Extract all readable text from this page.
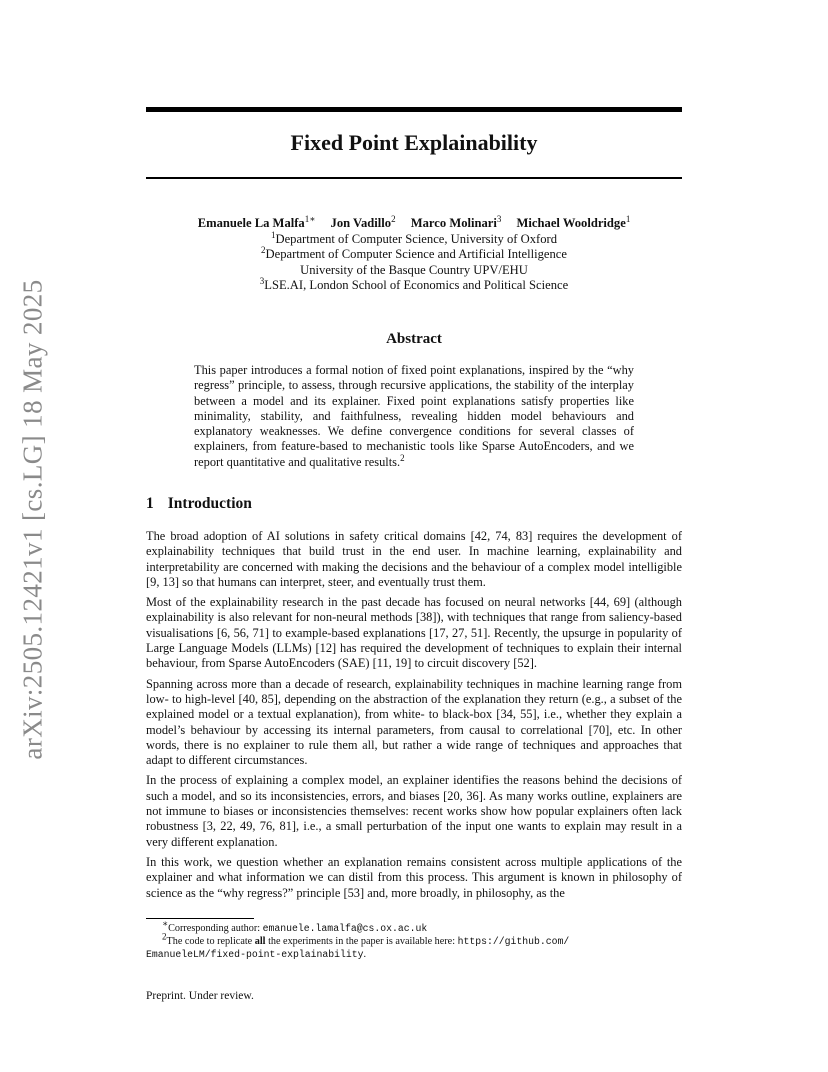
arXiv:2505.12421v1 [cs.LG] 18 May 2025
Fixed Point Explainability
Emanuele La Malfa$^{1∗}$ Jon Vadillo$^2$ Marco Molinari$^3$ Michael Wooldridge$^1$
$^1$Department of Computer Science, University of Oxford
$^2$Department of Computer Science and Artificial Intelligence
University of the Basque Country UPV/EHU
$^3$LSE.AI, London School of Economics and Political Science
Abstract

This paper introduces a formal notion of fixed point explanations, inspired by the “why regress” principle, to assess, through recursive applications, the stability of the interplay between a model and its explainer. Fixed point explanations satisfy properties like minimality, stability, and faithfulness, revealing hidden model behaviours and explanatory weaknesses. We define convergence conditions for several classes of explainers, from feature-based to mechanistic tools like Sparse AutoEncoders, and we report quantitative and qualitative results.$^2$

1 Introduction

The broad adoption of AI solutions in safety critical domains [42, 74, 83] requires the development of explainability techniques that build trust in the end user. In machine learning, explainability and interpretability are concerned with making the decisions and the behaviour of a complex model intelligible [9, 13] so that humans can interpret, steer, and eventually trust them.

Most of the explainability research in the past decade has focused on neural networks [44, 69] (although explainability is also relevant for non-neural methods [38]), with techniques that range from saliency-based visualisations [6, 56, 71] to example-based explanations [17, 27, 51]. Recently, the upsurge in popularity of Large Language Models (LLMs) [12] has required the development of techniques to explain their internal behaviour, from Sparse AutoEncoders (SAE) [11, 19] to circuit discovery [52].

Spanning across more than a decade of research, explainability techniques in machine learning range from low- to high-level [40, 85], depending on the abstraction of the explanation they return (e.g., a subset of the explained model or a textual explanation), from white- to black-box [34, 55], i.e., whether they explain a model’s behaviour by accessing its internal parameters, from causal to correlational [70], etc. In other words, there is no explainer to rule them all, but rather a wide range of techniques and approaches that adapt to different circumstances.

In the process of explaining a complex model, an explainer identifies the reasons behind the decisions of such a model, and so its inconsistencies, errors, and biases [20, 36]. As many works outline, explainers are not immune to biases or inconsistencies themselves: recent works show how popular explainers often lack robustness [3, 22, 49, 76, 81], i.e., a small perturbation of the input one wants to explain may result in a very different explanation.

In this work, we question whether an explanation remains consistent across multiple applications of the explainer and what information we can distil from this process. This argument is known in philosophy of science as the “why regress?” principle [53] and, more broadly, in philosophy, as the

∗Corresponding author: emanuele.lamalfa@cs.ox.ac.uk

$^2$The code to replicate all the experiments in the paper is available here: https://github.com/
EmanueleLM/fixed-point-explainability.

Preprint. Under review.
